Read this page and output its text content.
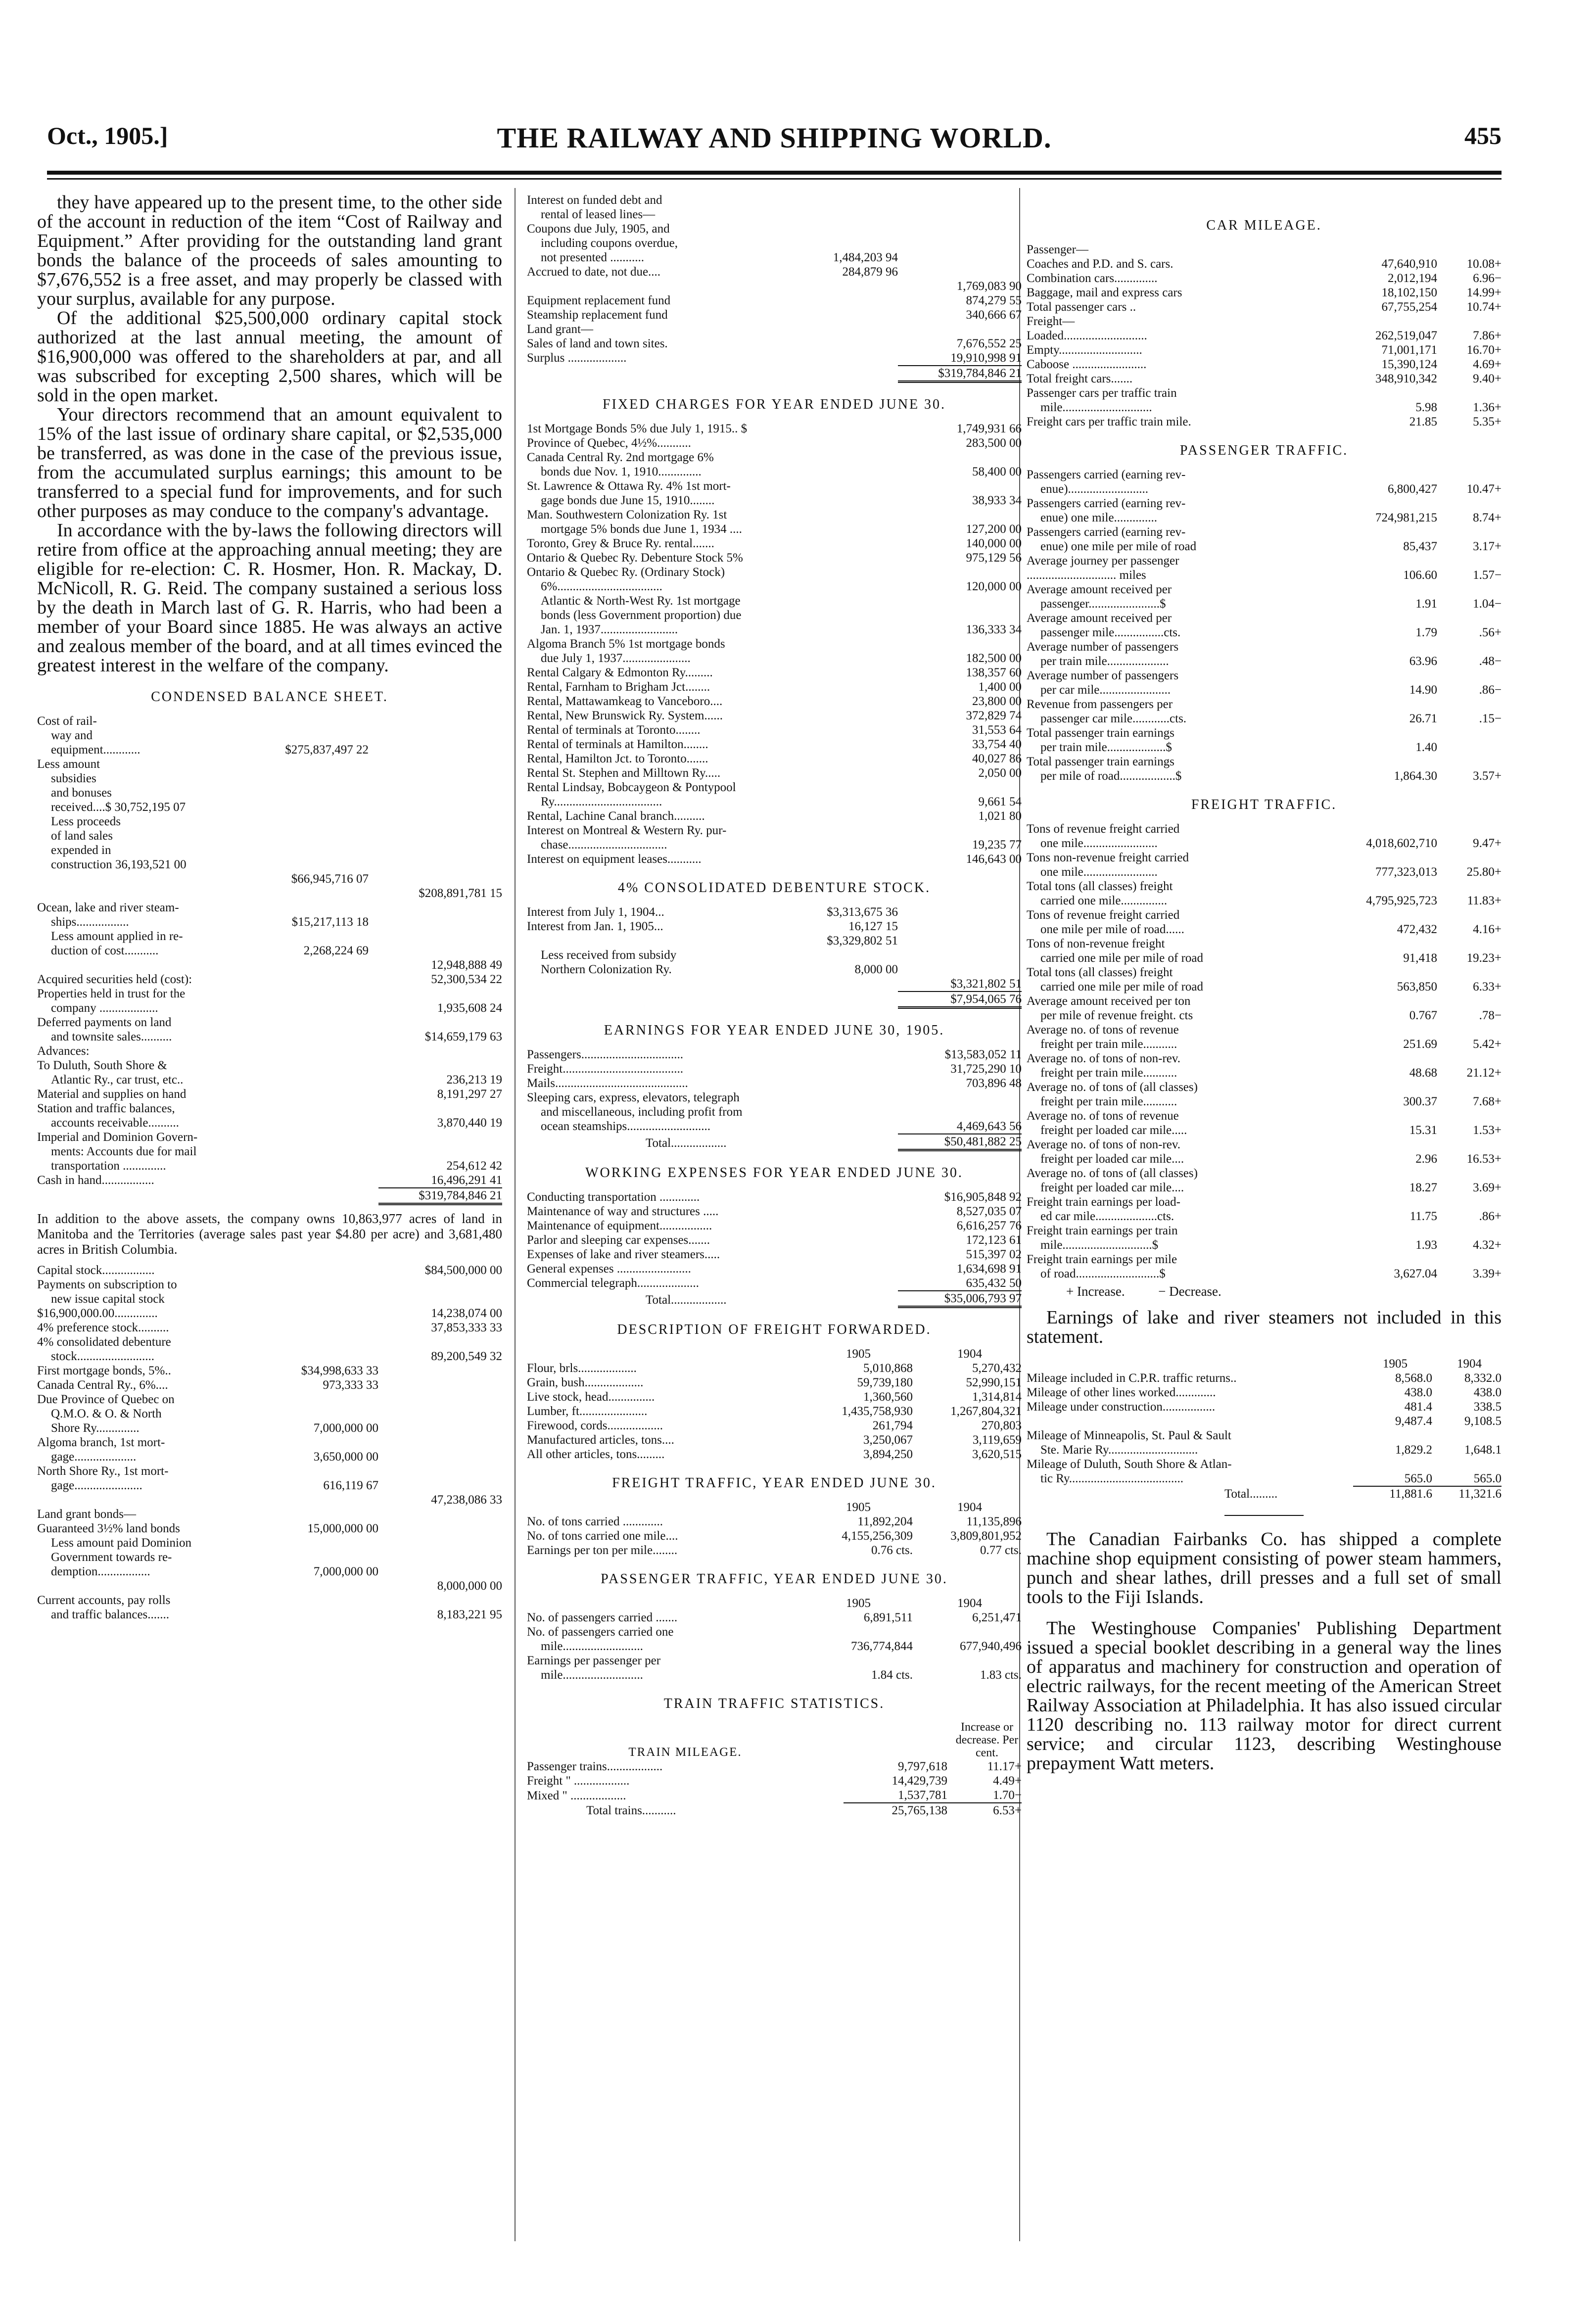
Oct., 1905.]	THE RAILWAY AND SHIPPING WORLD.	455

they have appeared up to the present time, to the other side of the account in reduction of the item “Cost of Railway and Equipment.” After providing for the outstanding land grant bonds the balance of the proceeds of sales amounting to $7,676,552 is a free asset, and may properly be classed with your surplus, available for any purpose.

Of the additional $25,500,000 ordinary capital stock authorized at the last annual meeting, the amount of $16,900,000 was offered to the shareholders at par, and all was subscribed for excepting 2,500 shares, which will be sold in the open market.

Your directors recommend that an amount equivalent to 15% of the last issue of ordinary share capital, or $2,535,000 be transferred, as was done in the case of the previous issue, from the accumulated surplus earnings; this amount to be transferred to a special fund for improvements, and for such other purposes as may conduce to the company's advantage.

In accordance with the by-laws the following directors will retire from office at the approaching annual meeting; they are eligible for re-election: C. R. Hosmer, Hon. R. Mackay, D. McNicoll, R. G. Reid. The company sustained a serious loss by the death in March last of G. R. Harris, who had been a member of your Board since 1885. He was always an active and zealous member of the board, and at all times evinced the greatest interest in the welfare of the company.

CONDENSED BALANCE SHEET.
Cost of rail-			
way and			
equipment............	$275,837,497 22		
Less amount			
subsidies			
and bonuses			
received....$ 30,752,195 07			
Less proceeds			
of land sales			
expended in			
construction 36,193,521 00			
	$66,945,716 07		
			$208,891,781 15
Ocean, lake and river steam-			
ships.................	$15,217,113 18		
Less amount applied in re-			
duction of cost...........	2,268,224 69		
			12,948,888 49
Acquired securities held (cost):			52,300,534 22
Properties held in trust for the			
company ...................			1,935,608 24
Deferred payments on land			
and townsite sales..........			$14,659,179 63
Advances:			
To Duluth, South Shore &			
Atlantic Ry., car trust, etc..			236,213 19
Material and supplies on hand			8,191,297 27
Station and traffic balances,			
accounts receivable..........			3,870,440 19
Imperial and Dominion Govern-			
ments: Accounts due for mail			
transportation ..............			254,612 42
Cash in hand.................			16,496,291 41
	$319,784,846 21

In addition to the above assets, the company owns 10,863,977 acres of land in Manitoba and the Territories (average sales past year $4.80 per acre) and 3,681,480 acres in British Columbia.

Capital stock.................		$84,500,000 00
Payments on subscription to		
new issue capital stock		
$16,900,000.00..............		14,238,074 00
4% preference stock..........		37,853,333 33
4% consolidated debenture		
stock.........................		89,200,549 32
First mortgage bonds, 5%..	$34,998,633 33	
Canada Central Ry., 6%....	973,333 33	
Due Province of Quebec on		
Q.M.O. & O. & North		
Shore Ry..............	7,000,000 00	
Algoma branch, 1st mort-		
gage....................	3,650,000 00	
North Shore Ry., 1st mort-		
gage......................	616,119 67	
		47,238,086 33
Land grant bonds—		
Guaranteed 3½% land bonds	15,000,000 00	
Less amount paid Dominion		
Government towards re-		
demption.................	7,000,000 00	
		8,000,000 00
Current accounts, pay rolls		
and traffic balances.......		8,183,221 95
Interest on funded debt and		
rental of leased lines—		
Coupons due July, 1905, and		
including coupons overdue,		
not presented ...........	1,484,203 94	
Accrued to date, not due....	284,879 96	
		1,769,083 90
Equipment replacement fund		874,279 55
Steamship replacement fund		340,666 67
Land grant—		
Sales of land and town sites.		7,676,552 25
Surplus ...................		19,910,998 91
	$319,784,846 21
FIXED CHARGES FOR YEAR ENDED JUNE 30.
1st Mortgage Bonds 5% due July 1, 1915.. $	1,749,931 66
Province of Quebec, 4½%...........	283,500 00
Canada Central Ry. 2nd mortgage 6%	
bonds due Nov. 1, 1910..............	58,400 00
St. Lawrence & Ottawa Ry. 4% 1st mort-	
gage bonds due June 15, 1910........	38,933 34
Man. Southwestern Colonization Ry. 1st	
mortgage 5% bonds due June 1, 1934 ....	127,200 00
Toronto, Grey & Bruce Ry. rental.......	140,000 00
Ontario & Quebec Ry. Debenture Stock 5%	975,129 56
Ontario & Quebec Ry. (Ordinary Stock)	
6%..................................	120,000 00
Atlantic & North-West Ry. 1st mortgage	
bonds (less Government proportion) due	
Jan. 1, 1937.........................	136,333 34
Algoma Branch 5% 1st mortgage bonds	
due July 1, 1937......................	182,500 00
Rental Calgary & Edmonton Ry.........	138,357 60
Rental, Farnham to Brigham Jct........	1,400 00
Rental, Mattawamkeag to Vanceboro....	23,800 00
Rental, New Brunswick Ry. System......	372,829 74
Rental of terminals at Toronto........	31,553 64
Rental of terminals at Hamilton........	33,754 40
Rental, Hamilton Jct. to Toronto.......	40,027 86
Rental St. Stephen and Milltown Ry.....	2,050 00
Rental Lindsay, Bobcaygeon & Pontypool	
Ry...................................	9,661 54
Rental, Lachine Canal branch..........	1,021 80
Interest on Montreal & Western Ry. pur-	
chase................................	19,235 77
Interest on equipment leases...........	146,643 00
4% CONSOLIDATED DEBENTURE STOCK.
Interest from July 1, 1904...	$3,313,675 36	
Interest from Jan. 1, 1905...	16,127 15	
	$3,329,802 51	
Less received from subsidy		
Northern Colonization Ry.	8,000 00	
		$3,321,802 51
	$7,954,065 76
EARNINGS FOR YEAR ENDED JUNE 30, 1905.
Passengers.................................	$13,583,052 11
Freight.......................................	31,725,290 10
Mails...........................................	703,896 48
Sleeping cars, express, elevators, telegraph	
and miscellaneous, including profit from	
ocean steamships...........................	4,469,643 56
Total..................	$50,481,882 25
WORKING EXPENSES FOR YEAR ENDED JUNE 30.
Conducting transportation .............	$16,905,848 92
Maintenance of way and structures .....	8,527,035 07
Maintenance of equipment.................	6,616,257 76
Parlor and sleeping car expenses.......	172,123 61
Expenses of lake and river steamers.....	515,397 02
General expenses ........................	1,634,698 91
Commercial telegraph....................	635,432 50
Total..................	$35,006,793 97
DESCRIPTION OF FREIGHT FORWARDED.
	1905	1904
Flour, brls...................	5,010,868	5,270,432
Grain, bush...................	59,739,180	52,990,151
Live stock, head...............	1,360,560	1,314,814
Lumber, ft......................	1,435,758,930	1,267,804,321
Firewood, cords..................	261,794	270,803
Manufactured articles, tons....	3,250,067	3,119,659
All other articles, tons.........	3,894,250	3,620,515
FREIGHT TRAFFIC, YEAR ENDED JUNE 30.
	1905	1904
No. of tons carried .............	11,892,204	11,135,896
No. of tons carried one mile....	4,155,256,309	3,809,801,952
Earnings per ton per mile........	0.76 cts.	0.77 cts.
PASSENGER TRAFFIC, YEAR ENDED JUNE 30.
	1905	1904
No. of passengers carried .......	6,891,511	6,251,471
No. of passengers carried one		
mile..........................	736,774,844	677,940,496
Earnings per passenger per		
mile..........................	1.84 cts.	1.83 cts.
TRAIN TRAFFIC STATISTICS.
TRAIN MILEAGE.		Increase or decrease. Per cent.
Passenger trains..................	9,797,618	11.17+
Freight " ..................	14,429,739	4.49+
Mixed " ..................	1,537,781	1.70−
Total trains...........	25,765,138	6.53+
CAR MILEAGE.
Passenger—		
Coaches and P.D. and S. cars.	47,640,910	10.08+
Combination cars..............	2,012,194	6.96−
Baggage, mail and express cars	18,102,150	14.99+
Total passenger cars ..	67,755,254	10.74+
Freight—		
Loaded...........................	262,519,047	7.86+
Empty...........................	71,001,171	16.70+
Caboose ........................	15,390,124	4.69+
Total freight cars.......	348,910,342	9.40+
Passenger cars per traffic train		
mile.............................	5.98	1.36+
Freight cars per traffic train mile.	21.85	5.35+
PASSENGER TRAFFIC.
Passengers carried (earning rev-		
enue)..........................	6,800,427	10.47+
Passengers carried (earning rev-		
enue) one mile..............	724,981,215	8.74+
Passengers carried (earning rev-		
enue) one mile per mile of road	85,437	3.17+
Average journey per passenger		
............................. miles	106.60	1.57−
Average amount received per		
passenger.......................$	1.91	1.04−
Average amount received per		
passenger mile................cts.	1.79	.56+
Average number of passengers		
per train mile....................	63.96	.48−
Average number of passengers		
per car mile.......................	14.90	.86−
Revenue from passengers per		
passenger car mile............cts.	26.71	.15−
Total passenger train earnings		
per train mile...................$	1.40	
Total passenger train earnings		
per mile of road..................$	1,864.30	3.57+
FREIGHT TRAFFIC.
Tons of revenue freight carried		
one mile........................	4,018,602,710	9.47+
Tons non-revenue freight carried		
one mile........................	777,323,013	25.80+
Total tons (all classes) freight		
carried one mile...............	4,795,925,723	11.83+
Tons of revenue freight carried		
one mile per mile of road......	472,432	4.16+
Tons of non-revenue freight		
carried one mile per mile of road	91,418	19.23+
Total tons (all classes) freight		
carried one mile per mile of road	563,850	6.33+
Average amount received per ton		
per mile of revenue freight. cts	0.767	.78−
Average no. of tons of revenue		
freight per train mile...........	251.69	5.42+
Average no. of tons of non-rev.		
freight per train mile...........	48.68	21.12+
Average no. of tons of (all classes)		
freight per train mile...........	300.37	7.68+
Average no. of tons of revenue		
freight per loaded car mile.....	15.31	1.53+
Average no. of tons of non-rev.		
freight per loaded car mile....	2.96	16.53+
Average no. of tons of (all classes)		
freight per loaded car mile....	18.27	3.69+
Freight train earnings per load-		
ed car mile....................cts.	11.75	.86+
Freight train earnings per train		
mile.............................$	1.93	4.32+
Freight train earnings per mile		
of road...........................$	3,627.04	3.39+
+ Increase.          − Decrease.

Earnings of lake and river steamers not included in this statement.

	1905	1904
Mileage included in C.P.R. traffic returns..	8,568.0	8,332.0
Mileage of other lines worked.............	438.0	438.0
Mileage under construction.................	481.4	338.5
	9,487.4	9,108.5
Mileage of Minneapolis, St. Paul & Sault		
Ste. Marie Ry.............................	1,829.2	1,648.1
Mileage of Duluth, South Shore & Atlan-		
tic Ry.....................................	565.0	565.0
Total.........	11,881.6	11,321.6

The Canadian Fairbanks Co. has shipped a complete machine shop equipment consisting of power steam hammers, punch and shear lathes, drill presses and a full set of small tools to the Fiji Islands.

The Westinghouse Companies' Publishing Department issued a special booklet describing in a general way the lines of apparatus and machinery for construction and operation of electric railways, for the recent meeting of the American Street Railway Association at Philadelphia. It has also issued circular 1120 describing no. 113 railway motor for direct current service; and circular 1123, describing Westinghouse prepayment Watt meters.
